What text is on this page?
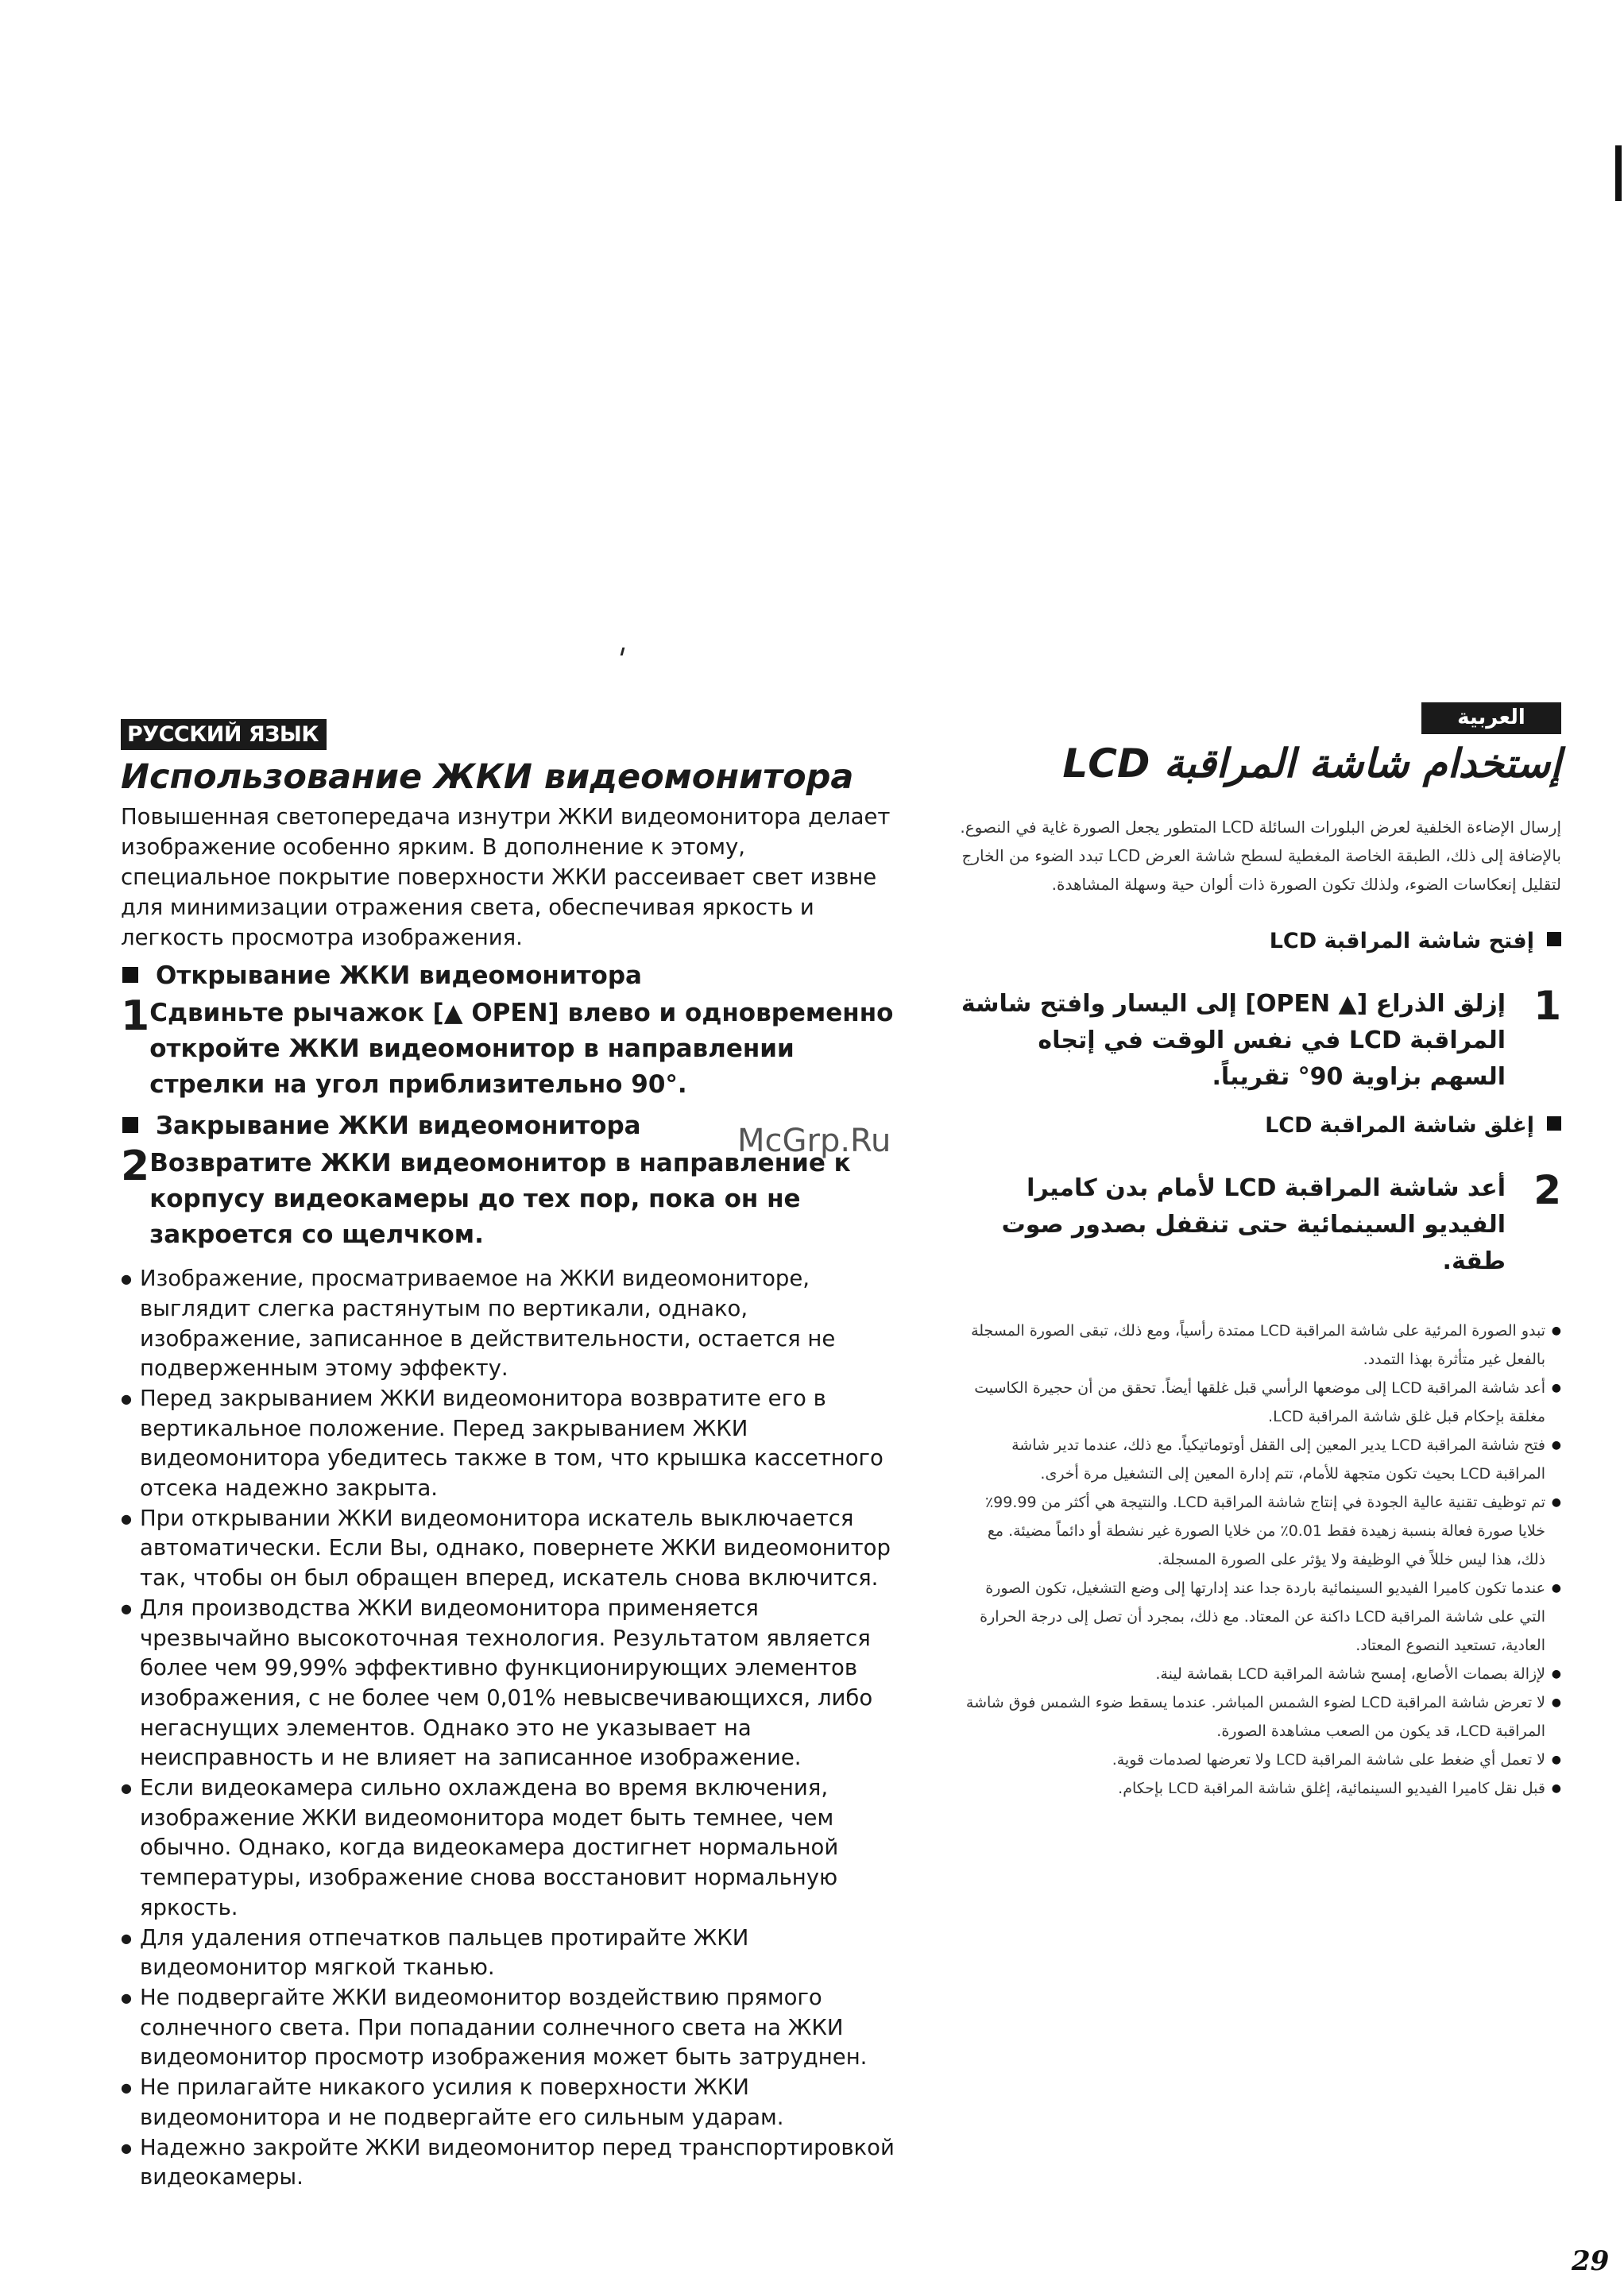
РУССКИЙ ЯЗЫК
Использование ЖКИ видеомонитора

Повышенная светопередача изнутри ЖКИ видеомонитора делает изображение особенно ярким. В дополнение к этому, специальное покрытие поверхности ЖКИ рассеивает свет извне для минимизации отражения света, обеспечивая яркость и легкость просмотра изображения.

Открывание ЖКИ видеомонитора
1 Сдвиньте рычажок [▲ OPEN] влево и одновременно откройте ЖКИ видеомонитор в направлении стрелки на угол приблизительно 90°.
Закрывание ЖКИ видеомонитора
2 Возвратите ЖКИ видеомонитор в направление к корпусу видеокамеры до тех пор, пока он не закроется со щелчком.
● Изображение, просматриваемое на ЖКИ видеомониторе, выглядит слегка растянутым по вертикали, однако, изображение, записанное в действительности, остается не подверженным этому эффекту.
● Перед закрыванием ЖКИ видеомонитора возвратите его в вертикальное положение. Перед закрыванием ЖКИ видеомонитора убедитесь также в том, что крышка кассетного отсека надежно закрыта.
● При открывании ЖКИ видеомонитора искатель выключается автоматически. Если Вы, однако, повернете ЖКИ видеомонитор так, чтобы он был обращен вперед, искатель снова включится.
● Для производства ЖКИ видеомонитора применяется чрезвычайно высокоточная технология. Результатом является более чем 99,99% эффективно функционирующих элементов изображения, с не более чем 0,01% невысвечивающихся, либо негаснущих элементов. Однако это не указывает на неисправность и не влияет на записанное изображение.
● Если видеокамера сильно охлаждена во время включения, изображение ЖКИ видеомонитора модет быть темнее, чем обычно. Однако, когда видеокамера достигнет нормальной температуры, изображение снова восстановит нормальную яркость.
● Для удаления отпечатков пальцев протирайте ЖКИ видеомонитор мягкой тканью.
● Не подвергайте ЖКИ видеомонитор воздействию прямого солнечного света. При попадании солнечного света на ЖКИ видеомонитор просмотр изображения может быть затруднен.
● Не прилагайте никакого усилия к поверхности ЖКИ видеомонитора и не подвергайте его сильным ударам.
● Надежно закройте ЖКИ видеомонитор перед транспортировкой видеокамеры.
McGrp.Ru
العربية
إستخدام شاشة المراقبة LCD

إرسال الإضاءة الخلفية لعرض البلورات السائلة LCD المتطور يجعل الصورة غاية في النصوع. بالإضافة إلى ذلك، الطبقة الخاصة المغطية لسطح شاشة العرض LCD تبدد الضوء من الخارج لتقليل إنعكاسات الضوء، ولذلك تكون الصورة ذات ألوان حية وسهلة المشاهدة.

إفتح شاشة المراقبة LCD
1
إزلق الذراع [▲ OPEN] إلى اليسار وافتح شاشة المراقبة LCD في نفس الوقت في إتجاه السهم بزاوية 90° تقريباً.
إغلق شاشة المراقبة LCD
2
أعد شاشة المراقبة LCD لأمام بدن كاميرا الفيديو السينمائية حتى تنقفل بصدور صوت طقة.
● تبدو الصورة المرئية على شاشة المراقبة LCD ممتدة رأسياً، ومع ذلك، تبقى الصورة المسجلة بالفعل غير متأثرة بهذا التمدد.
● أعد شاشة المراقبة LCD إلى موضعها الرأسي قبل غلقها أيضاً. تحقق من أن حجيرة الكاسيت مغلقة بإحكام قبل غلق شاشة المراقبة LCD.
● فتح شاشة المراقبة LCD يدير المعين إلى القفل أوتوماتيكياً. مع ذلك، عندما تدير شاشة المراقبة LCD بحيث تكون متجهة للأمام، تتم إدارة المعين إلى التشغيل مرة أخرى.
● تم توظيف تقنية عالية الجودة في إنتاج شاشة المراقبة LCD. والنتيجة هي أكثر من 99.99٪ خلايا صورة فعالة بنسبة زهيدة فقط 0.01٪ من خلايا الصورة غير نشطة أو دائماً مضيئة. مع ذلك، هذا ليس خللاً في الوظيفة ولا يؤثر على الصورة المسجلة.
● عندما تكون كاميرا الفيديو السينمائية باردة جدا عند إدارتها إلى وضع التشغيل، تكون الصورة التي على شاشة المراقبة LCD داكنة عن المعتاد. مع ذلك، بمجرد أن تصل إلى درجة الحرارة العادية، تستعيد النصوع المعتاد.
● لإزالة بصمات الأصابع، إمسح شاشة المراقبة LCD بقماشة لينة.
● لا تعرض شاشة المراقبة LCD لضوء الشمس المباشر. عندما يسقط ضوء الشمس فوق شاشة المراقبة LCD، قد يكون من الصعب مشاهدة الصورة.
● لا تعمل أي ضغط على شاشة المراقبة LCD ولا تعرضها لصدمات قوية.
● قبل نقل كاميرا الفيديو السينمائية، إغلق شاشة المراقبة LCD بإحكام.
29
